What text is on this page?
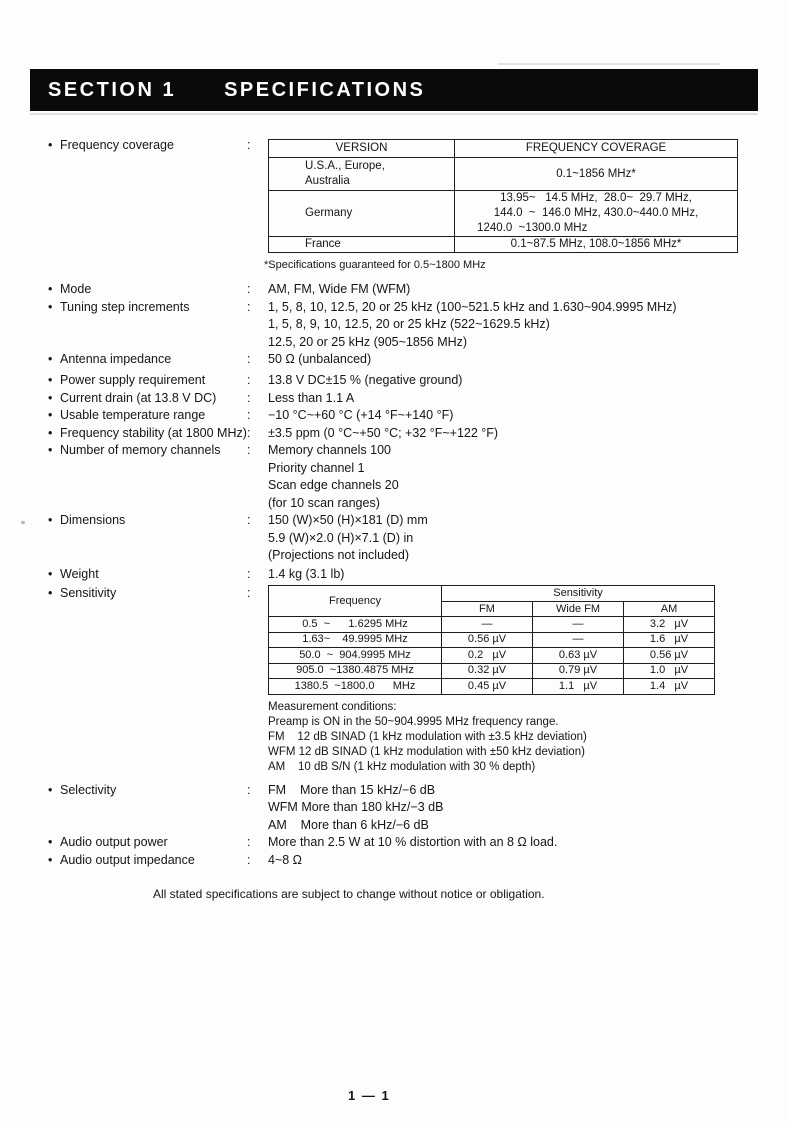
SECTION 1 SPECIFICATIONS
• Frequency coverage	:	VERSION	FREQUENCY COVERAGE

U.S.A., Europe,
Australia	0.1~1856 MHz*

Germany	13.95~   14.5 MHz,  28.0~  29.7 MHz,
144.0  ~  146.0 MHz, 430.0~440.0 MHz,
1240.0  ~1300.0 MHz

France	0.1~87.5 MHz, 108.0~1856 MHz*
*Specifications guaranteed for 0.5~1800 MHz
• Mode	:	AM, FM, Wide FM (WFM)
• Tuning step increments	:	1, 5, 8, 10, 12.5, 20 or 25 kHz (100~521.5 kHz and 1.630~904.9995 MHz)
1, 5, 8, 9, 10, 12.5, 20 or 25 kHz (522~1629.5 kHz)
12.5, 20 or 25 kHz (905~1856 MHz)
• Antenna impedance	:	50 Ω (unbalanced)
• Power supply requirement	:	13.8 V DC±15 % (negative ground)
• Current drain (at 13.8 V DC) :	Less than 1.1 A
• Usable temperature range	:	−10 °C~+60 °C (+14 °F~+140 °F)
• Frequency stability (at 1800 MHz) :	±3.5 ppm (0 °C~+50 °C; +32 °F~+122 °F)
• Number of memory channels :	Memory channels 100
Priority channel 1
Scan edge channels 20
(for 10 scan ranges)
• Dimensions	:	150 (W)×50 (H)×181 (D) mm
5.9 (W)×2.0 (H)×7.1 (D) in
(Projections not included)
• Weight	:	1.4 kg (3.1 lb)
• Sensitivity	:
Frequency	Sensitivity		
	FM	Wide FM	AM
0.5  ~      1.6295 MHz	—	—	3.2   µV
1.63~    49.9995 MHz	0.56 µV	—	1.6   µV
50.0  ~  904.9995 MHz	0.2   µV	0.63 µV	0.56 µV
905.0  ~1380.4875 MHz	0.32 µV	0.79 µV	1.0   µV
1380.5  ~1800.0      MHz	0.45 µV	1.1   µV	1.4   µV
Measurement conditions:
Preamp is ON in the 50~904.9995 MHz frequency range.
FM    12 dB SINAD (1 kHz modulation with ±3.5 kHz deviation)
WFM 12 dB SINAD (1 kHz modulation with ±50 kHz deviation)
AM    10 dB S/N (1 kHz modulation with 30 % depth)
• Selectivity	:	FM    More than 15 kHz/−6 dB
WFM More than 180 kHz/−3 dB
AM    More than 6 kHz/−6 dB
• Audio output power	:	More than 2.5 W at 10 % distortion with an 8 Ω load.
• Audio output impedance	:	4~8 Ω
All stated specifications are subject to change without notice or obligation.
1 — 1
